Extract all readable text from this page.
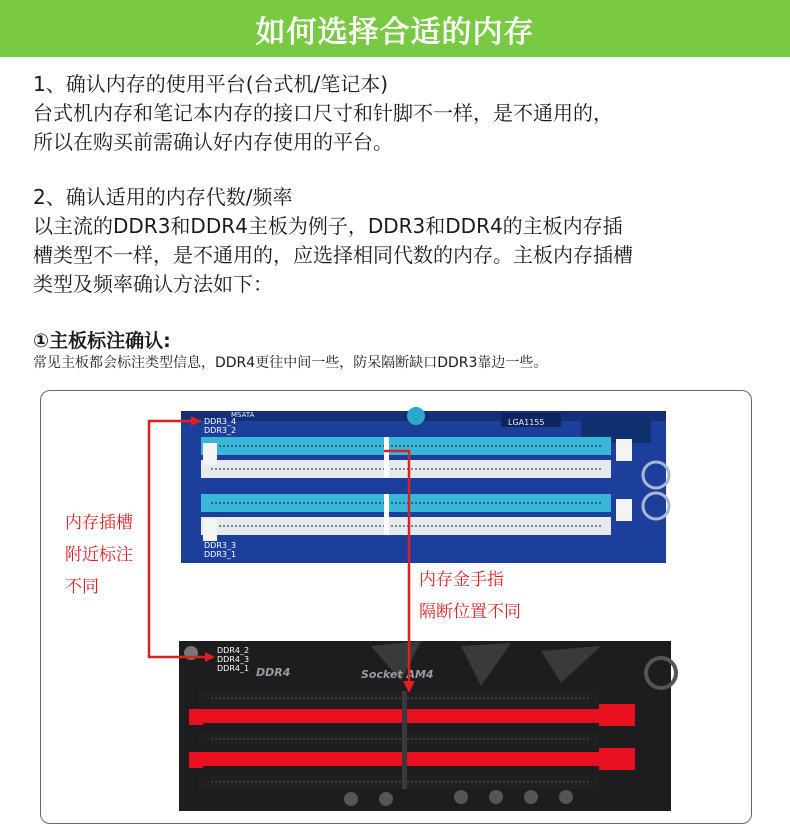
如何选择合适的内存
1、确认内存的使用平台(台式机/笔记本)
台式机内存和笔记本内存的接口尺寸和针脚不一样，是不通用的，
所以在购买前需确认好内存使用的平台。
2、确认适用的内存代数/频率
以主流的DDR3和DDR4主板为例子，DDR3和DDR4的主板内存插
槽类型不一样，是不通用的，应选择相同代数的内存。主板内存插槽
类型及频率确认方法如下：
①主板标注确认:
常见主板都会标注类型信息，DDR4更往中间一些，防呆隔断缺口DDR3靠边一些。
LGA1155
MSATA
DDR3_4
DDR3_2
DDR3_3
DDR3_1
DDR4	Socket AM4
DDR4_2
DDR4_3
DDR4_1
内存插槽
附近标注
不同	内存金手指
隔断位置不同
